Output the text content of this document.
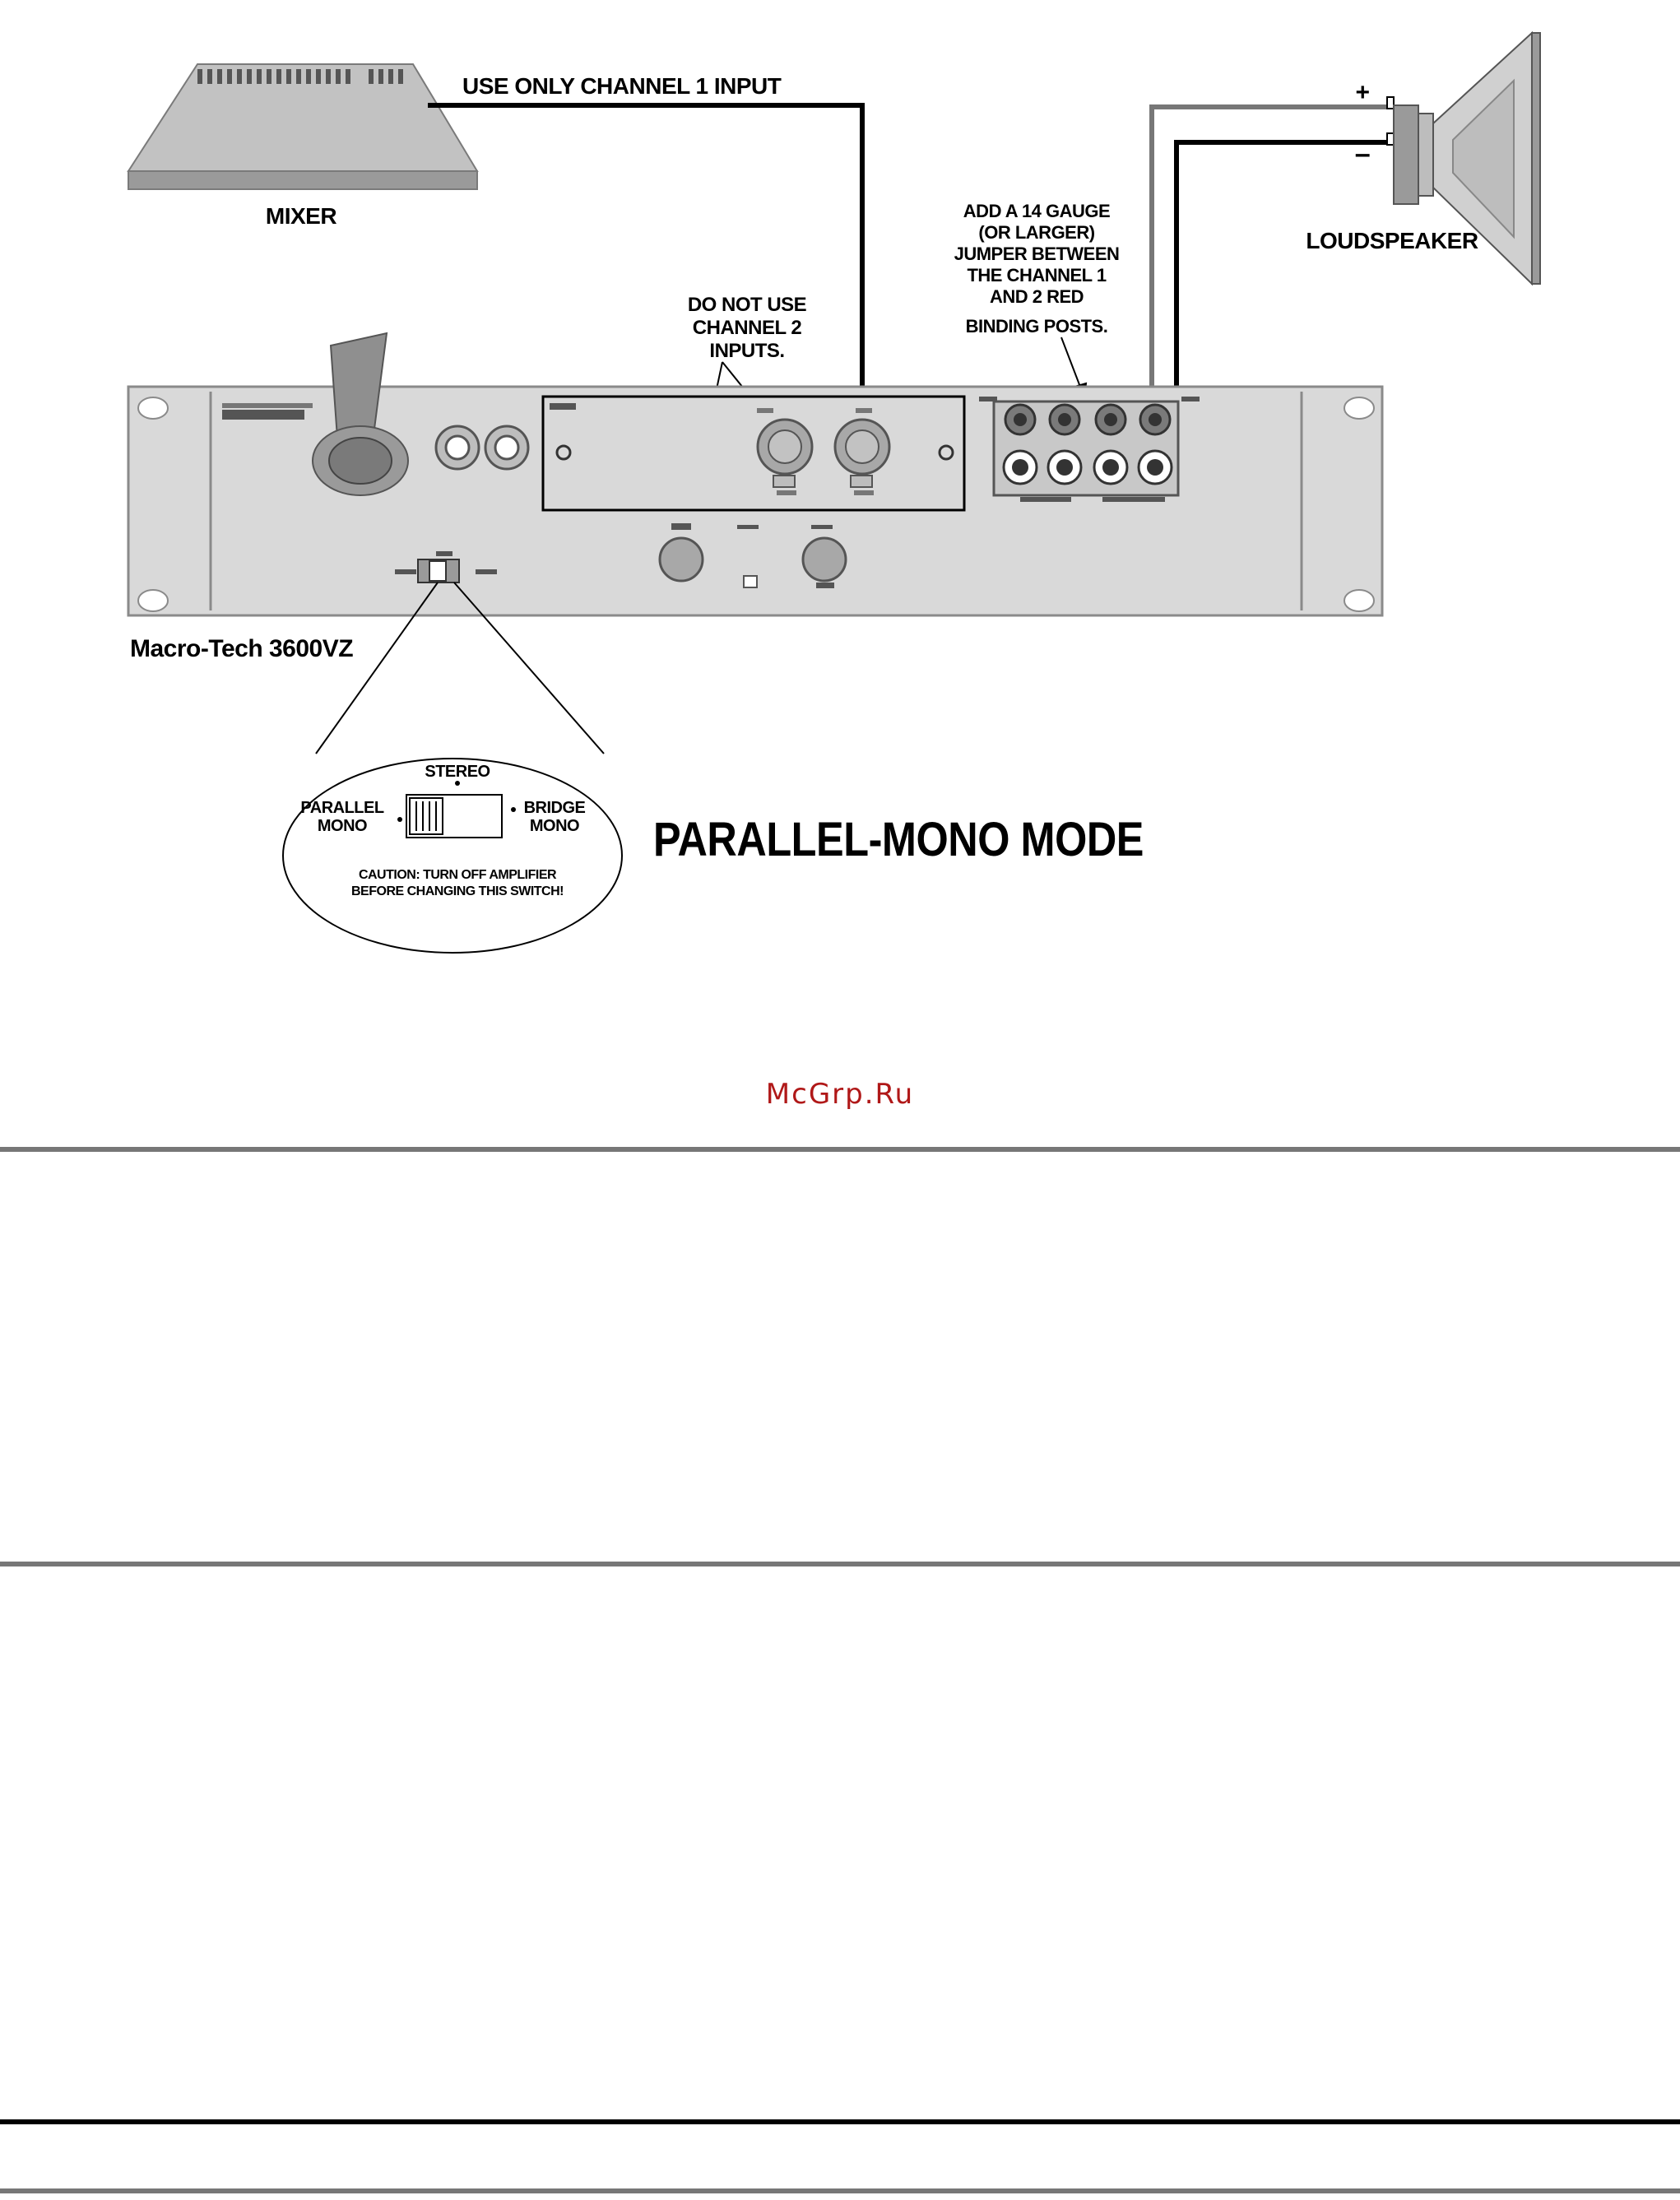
MIXER
USE ONLY CHANNEL 1 INPUT	+
–
LOUDSPEAKER
DO NOT USE
CHANNEL 2
INPUTS.
ADD A 14 GAUGE
(OR LARGER)
JUMPER BETWEEN
THE CHANNEL 1
AND 2 RED
BINDING POSTS.
Macro-Tech 3600VZ
STEREO
PARALLEL
MONO
BRIDGE
MONO
CAUTION: TURN OFF AMPLIFIER
BEFORE CHANGING THIS SWITCH!
PARALLEL-MONO MODE
McGrp.Ru
